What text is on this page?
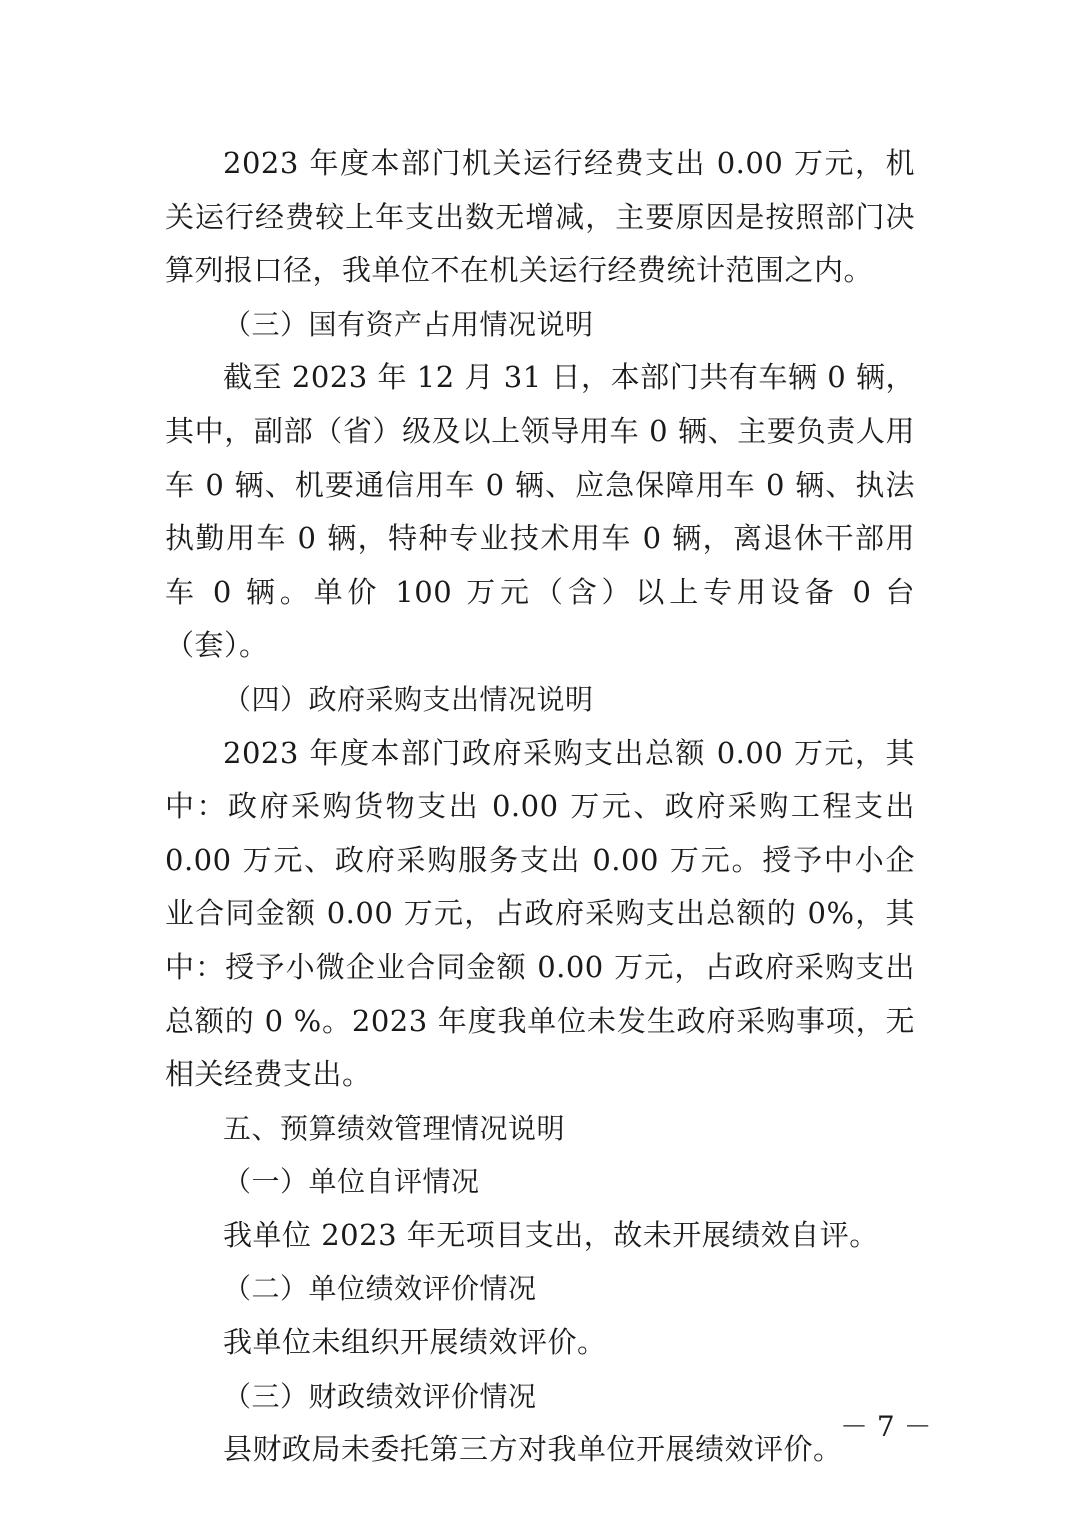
2023 年度本部门机关运行经费支出 0.00 万元，机关运行经费较上年支出数无增减，主要原因是按照部门决算列报口径，我单位不在机关运行经费统计范围之内。

（三）国有资产占用情况说明

截至 2023 年 12 月 31 日，本部门共有车辆 0 辆，其中，副部（省）级及以上领导用车 0 辆、主要负责人用车 0 辆、机要通信用车 0 辆、应急保障用车 0 辆、执法执勤用车 0 辆，特种专业技术用车 0 辆，离退休干部用车 0 辆。单价 100 万元（含）以上专用设备 0 台（套）。

（四）政府采购支出情况说明

2023 年度本部门政府采购支出总额 0.00 万元，其中：政府采购货物支出 0.00 万元、政府采购工程支出 0.00 万元、政府采购服务支出 0.00 万元。授予中小企业合同金额 0.00 万元，占政府采购支出总额的 0%，其中：授予小微企业合同金额 0.00 万元，占政府采购支出总额的 0 %。2023 年度我单位未发生政府采购事项，无相关经费支出。

五、预算绩效管理情况说明

（一）单位自评情况

我单位 2023 年无项目支出，故未开展绩效自评。

（二）单位绩效评价情况

我单位未组织开展绩效评价。

（三）财政绩效评价情况

县财政局未委托第三方对我单位开展绩效评价。

－ 7 －
